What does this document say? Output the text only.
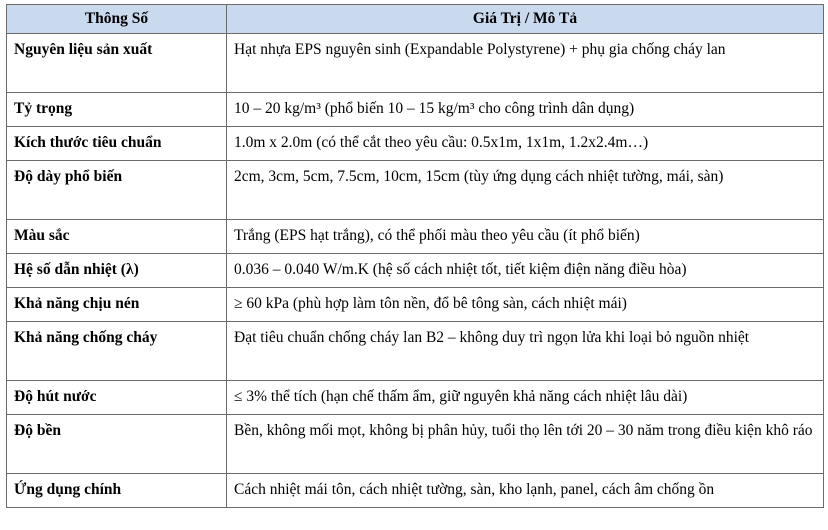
Thông Số	Giá Trị / Mô Tả
Nguyên liệu sản xuất	Hạt nhựa EPS nguyên sinh (Expandable Polystyrene) + phụ gia chống cháy lan
Tỷ trọng	10 – 20 kg/m³ (phổ biến 10 – 15 kg/m³ cho công trình dân dụng)
Kích thước tiêu chuẩn	1.0m x 2.0m (có thể cắt theo yêu cầu: 0.5x1m, 1x1m, 1.2x2.4m…)
Độ dày phổ biến	2cm, 3cm, 5cm, 7.5cm, 10cm, 15cm (tùy ứng dụng cách nhiệt tường, mái, sàn)
Màu sắc	Trắng (EPS hạt trắng), có thể phối màu theo yêu cầu (ít phổ biến)
Hệ số dẫn nhiệt (λ)	0.036 – 0.040 W/m.K (hệ số cách nhiệt tốt, tiết kiệm điện năng điều hòa)
Khả năng chịu nén	≥ 60 kPa (phù hợp làm tôn nền, đổ bê tông sàn, cách nhiệt mái)
Khả năng chống cháy	Đạt tiêu chuẩn chống cháy lan B2 – không duy trì ngọn lửa khi loại bỏ nguồn nhiệt
Độ hút nước	≤ 3% thể tích (hạn chế thấm ẩm, giữ nguyên khả năng cách nhiệt lâu dài)
Độ bền	Bền, không mối mọt, không bị phân hủy, tuổi thọ lên tới 20 – 30 năm trong điều kiện khô ráo
Ứng dụng chính	Cách nhiệt mái tôn, cách nhiệt tường, sàn, kho lạnh, panel, cách âm chống ồn
